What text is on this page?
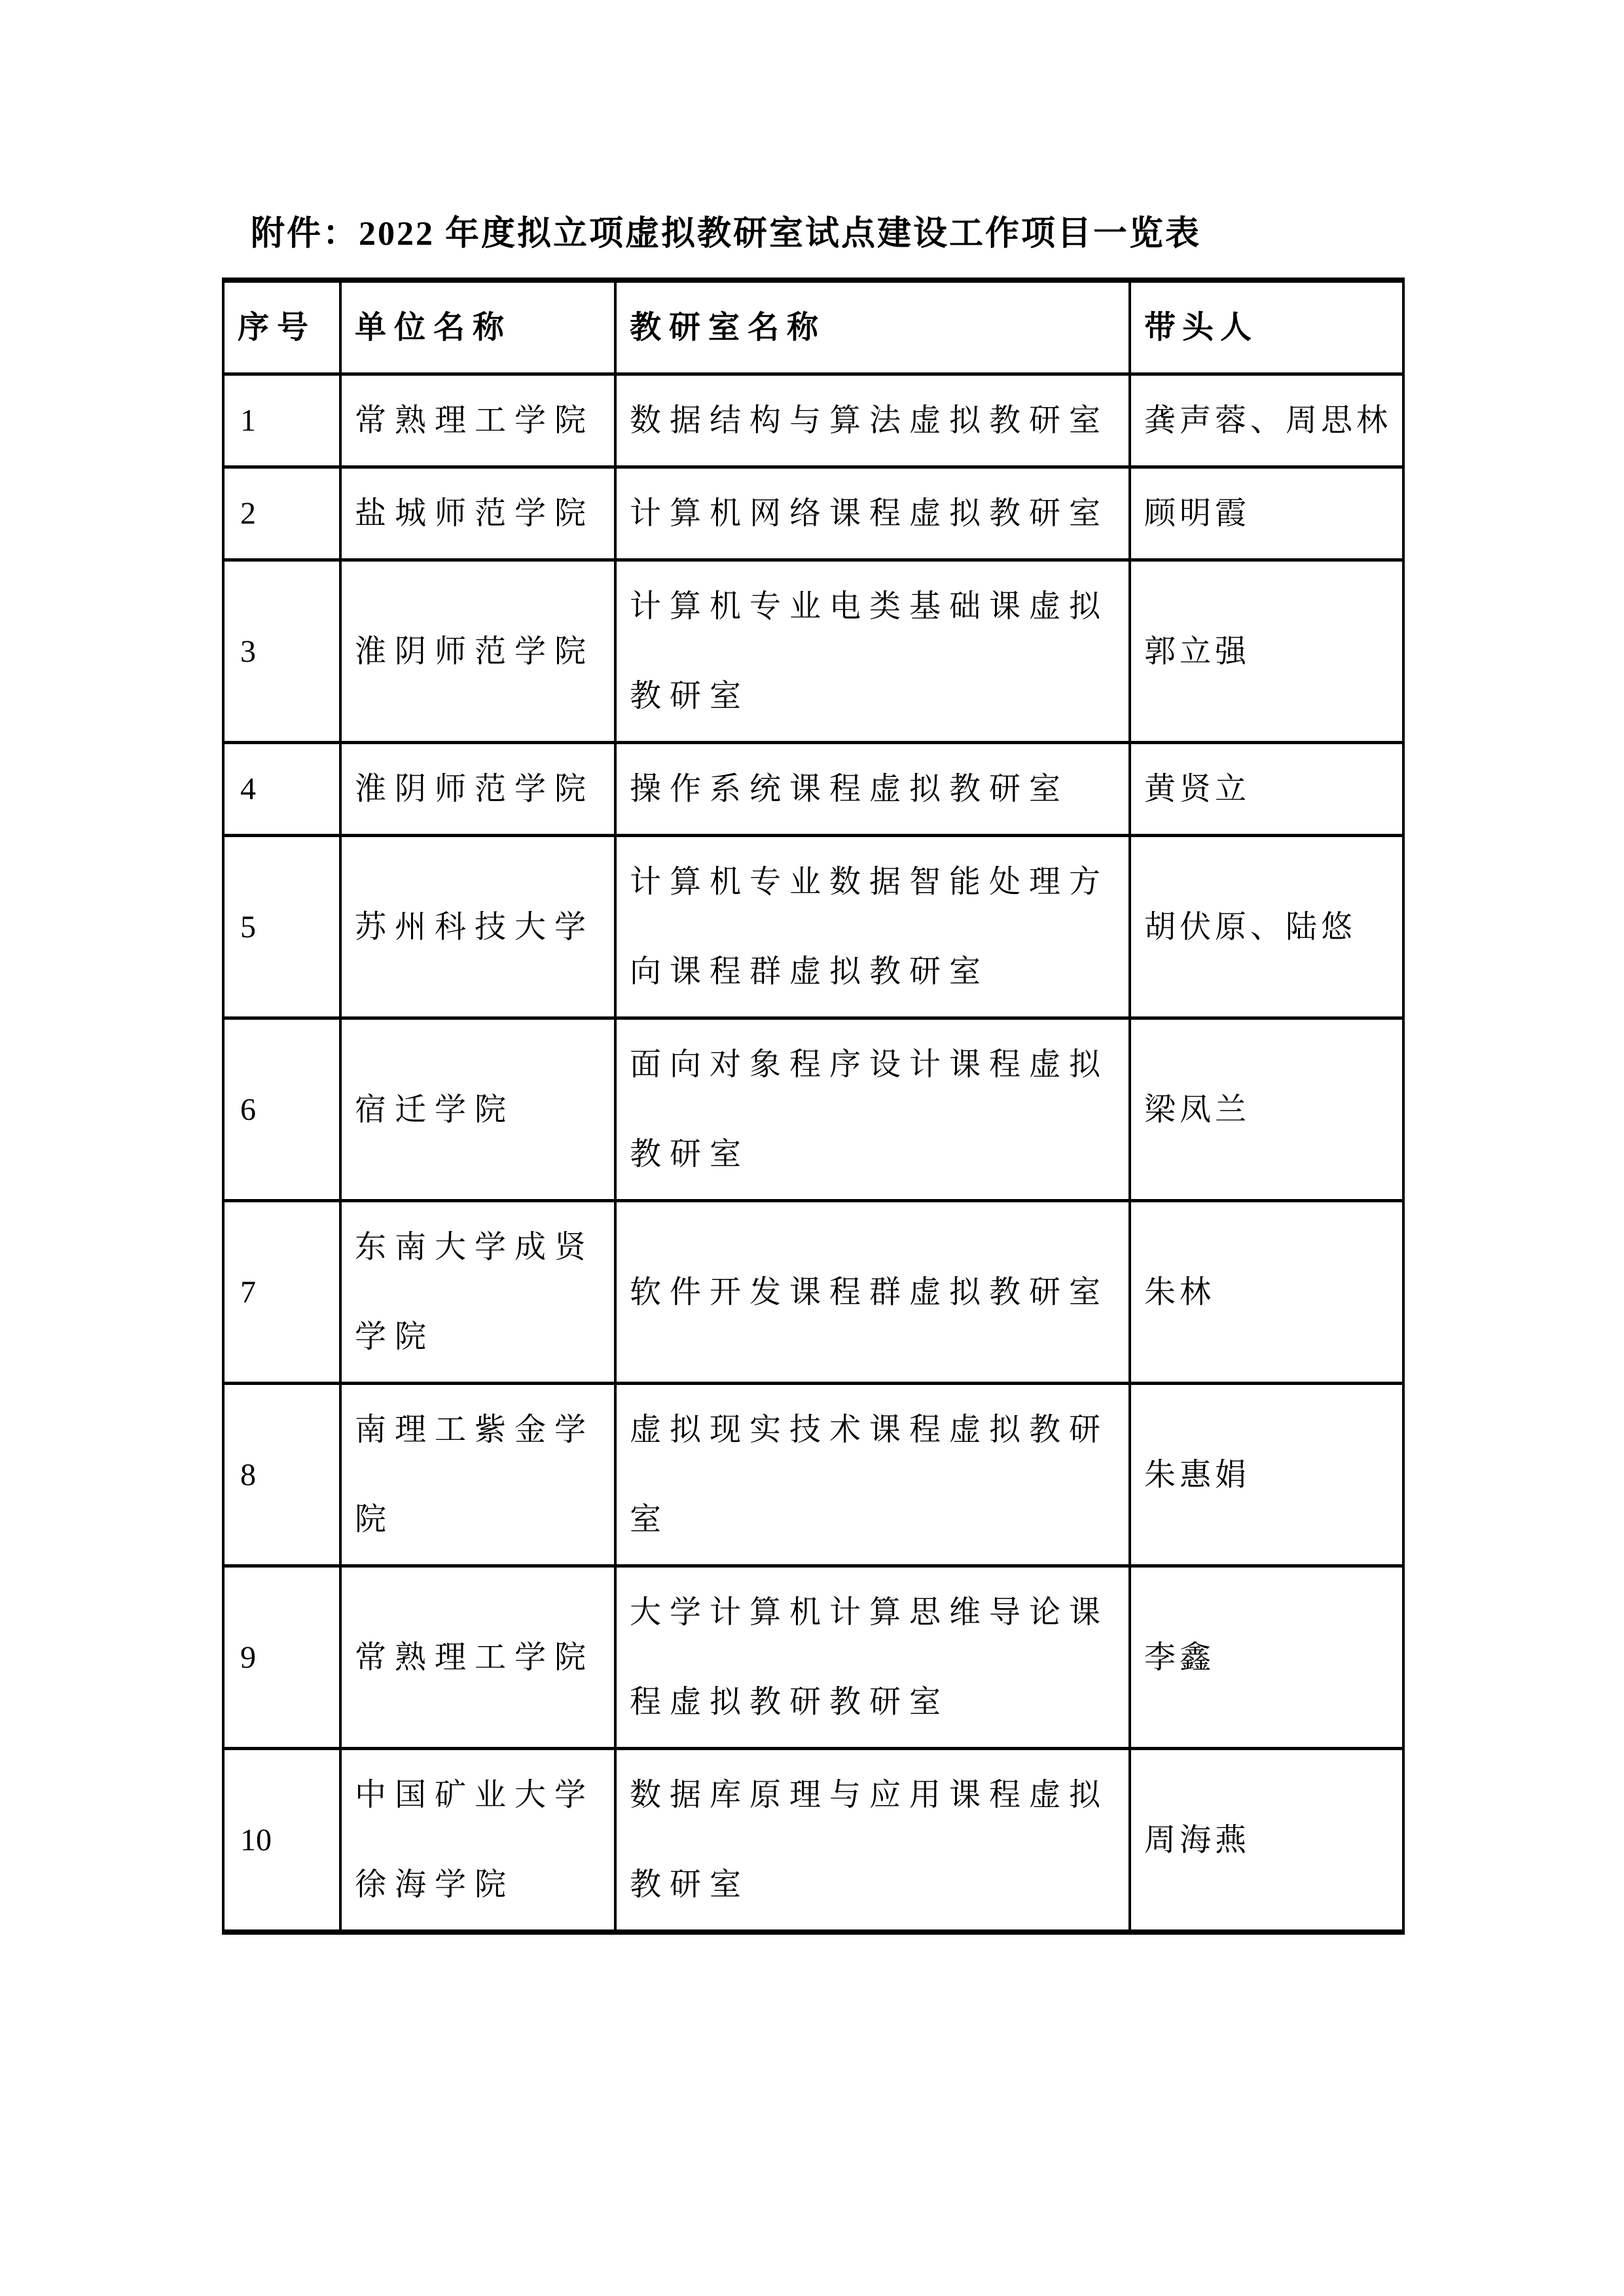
附件：2022 年度拟立项虚拟教研室试点建设工作项目一览表
序号	单位名称	教研室名称	带头人
1	常熟理工学院	数据结构与算法虚拟教研室	龚声蓉、周思林
2	盐城师范学院	计算机网络课程虚拟教研室	顾明霞
3	淮阴师范学院	计算机专业电类基础课虚拟教研室	郭立强
4	淮阴师范学院	操作系统课程虚拟教研室	黄贤立
5	苏州科技大学	计算机专业数据智能处理方向课程群虚拟教研室	胡伏原、陆悠
6	宿迁学院	面向对象程序设计课程虚拟教研室	梁凤兰
7	东南大学成贤学院	软件开发课程群虚拟教研室	朱林
8	南理工紫金学院	虚拟现实技术课程虚拟教研室	朱惠娟
9	常熟理工学院	大学计算机计算思维导论课程虚拟教研教研室	李鑫
10	中国矿业大学徐海学院	数据库原理与应用课程虚拟教研室	周海燕
